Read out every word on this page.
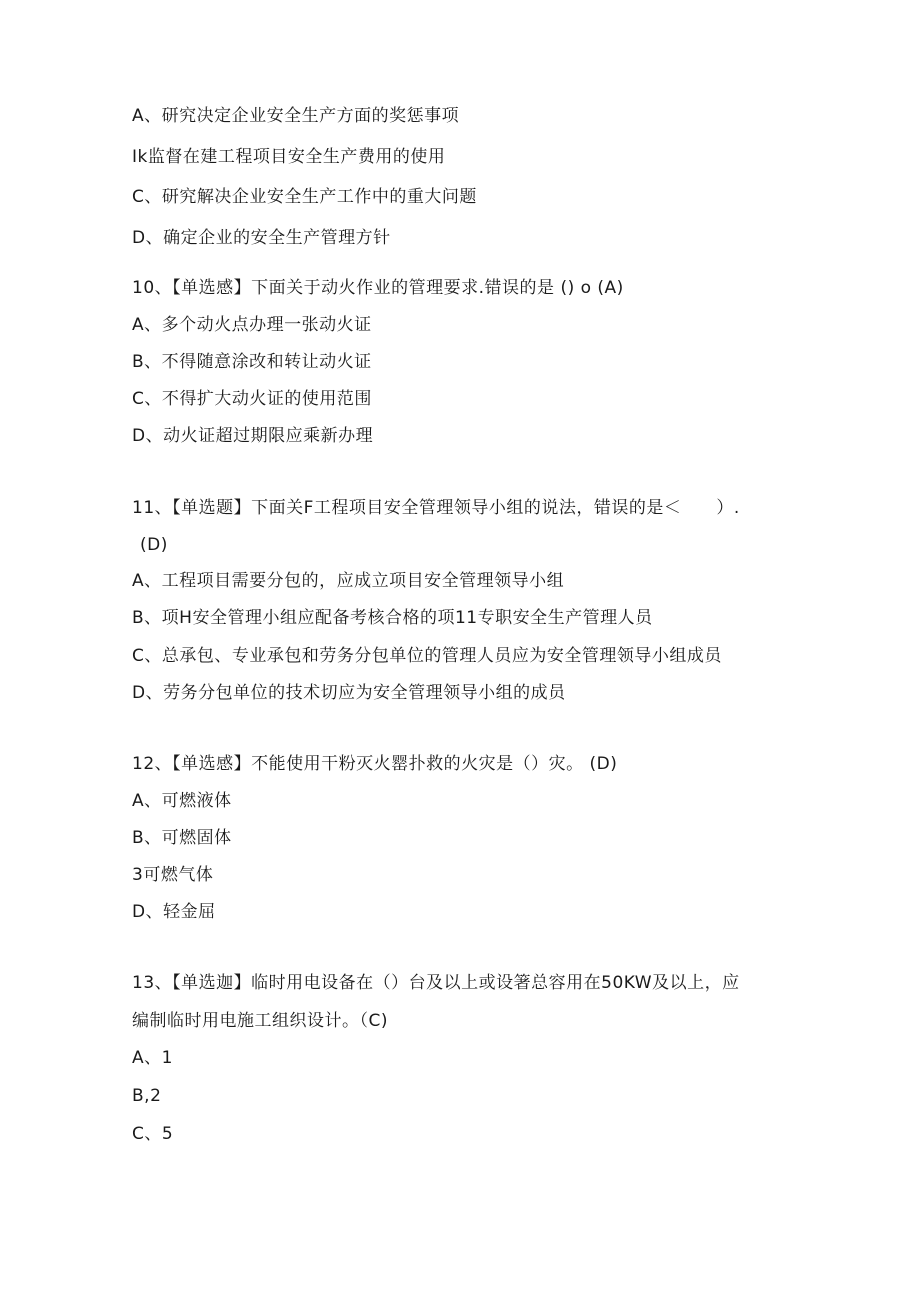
A、研究决定企业安全生产方面的奖惩事项
Ik监督在建工程项目安全生产费用的使用
C、研究解决企业安全生产工作中的重大问题
D、确定企业的安全生产管理方针
10、【单选感】下面关于动火作业的管理要求.错误的是 () o (A)
A、多个动火点办理一张动火证
B、不得随意涂改和转让动火证
C、不得扩大动火证的使用范围
D、动火证超过期限应乘新办理
11、【单选题】下面关F工程项目安全管理领导小组的说法，错误的是＜　　）.
(D)
A、工程项目需要分包的，应成立项目安全管理领导小组
B、项H安全管理小组应配备考核合格的项11专职安全生产管理人员
C、总承包、专业承包和劳务分包单位的管理人员应为安全管理领导小组成员
D、劳务分包单位的技术切应为安全管理领导小组的成员
12、【单选感】不能使用干粉灭火罂扑救的火灾是（）灾。 (D)
A、可燃液体
B、可燃固体
3可燃气体
D、轻金屈
13、【单选迦】临时用电设备在（）台及以上或设箸总容用在50KW及以上，应
编制临时用电施工组织设计。（C)
A、1
B,2
C、5
